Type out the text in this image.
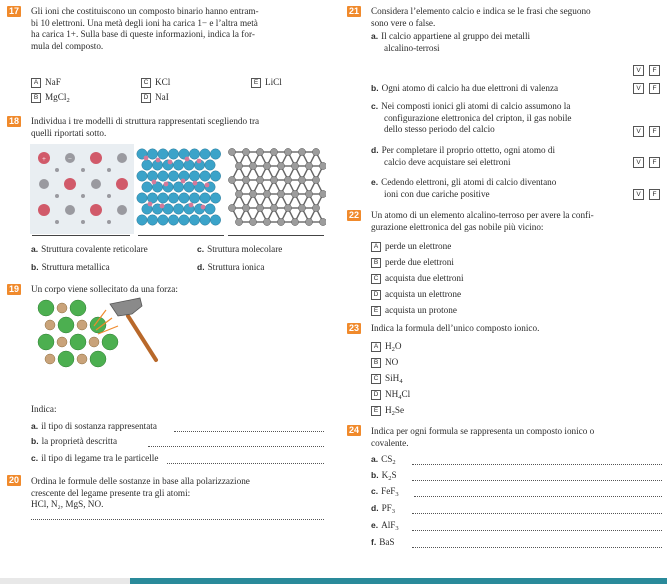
17 Gli ioni che costituiscono un composto binario hanno entram-
bi 10 elettroni. Una metà degli ioni ha carica 1− e l’altra metà
ha carica 1+. Sulla base di queste informazioni, indica la for-
mula del composto.
A NaF	C KCl	E LiCl
B MgCl$_2$	D NaI
18 Individua i tre modelli di struttura rappresentati scegliendo tra
quelli riportati sotto.
+	−
a. Struttura covalente reticolare	c. Struttura molecolare
b. Struttura metallica	d. Struttura ionica
19 Un corpo viene sollecitato da una forza:
Indica:
a. il tipo di sostanza rappresentata
b. la proprietà descritta
c. il tipo di legame tra le particelle
20 Ordina le formule delle sostanze in base alla polarizzazione
crescente del legame presente tra gli atomi:
HCl, N₂, MgS, NO.
21 Considera l’elemento calcio e indica se le frasi che seguono
sono vere o false.
a. Il calcio appartiene al gruppo dei metalli
alcalino-terrosi
V	F
b. Ogni atomo di calcio ha due elettroni di valenza	V	F
c. Nei composti ionici gli atomi di calcio assumono la
configurazione elettronica del cripton, il gas nobile
dello stesso periodo del calcio	V	F
d. Per completare il proprio ottetto, ogni atomo di
calcio deve acquistare sei elettroni	V	F
e. Cedendo elettroni, gli atomi di calcio diventano
ioni con due cariche positive	V	F
22 Un atomo di un elemento alcalino-terroso per avere la confi-
gurazione elettronica del gas nobile più vicino:
A perde un elettrone
B perde due elettroni
C acquista due elettroni
D acquista un elettrone
E acquista un protone
23 Indica la formula dell’unico composto ionico.
A $H_2O$
B NO
C SiH$_4$
D $NH_4Cl$
E $H_2Se$
24 Indica per ogni formula se rappresenta un composto ionico o
covalente.
a. $CS_2$
b. $K_2S$
c. FeF$_3$
d. $PF_3$
e. AlF$_3$
f. BaS
